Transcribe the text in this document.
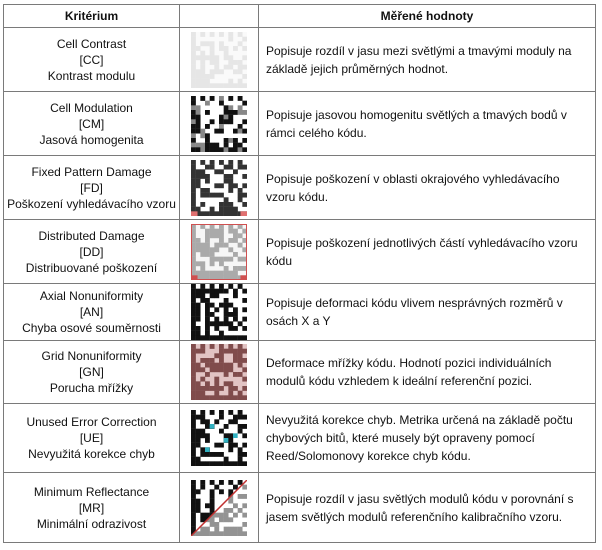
Kritérium		Měřené hodnoty

Cell Contrast
[CC]
Kontrast modulu		Popisuje rozdíl v jasu mezi světlými a tmavými moduly na základě jejich průměrných hodnot.

Cell Modulation
[CM]
Jasová homogenita		Popisuje jasovou homogenitu světlých a tmavých bodů v rámci celého kódu.

Fixed Pattern Damage
[FD]
Poškození vyhledávacího vzoru		Popisuje poškození v oblasti okrajového vyhledávacího vzoru kódu.

Distributed Damage
[DD]
Distribuované poškození		Popisuje poškození jednotlivých částí vyhledávacího vzoru kódu

Axial Nonuniformity
[AN]
Chyba osové souměrnosti		Popisuje deformaci kódu vlivem nesprávných rozměrů v osách X a Y

Grid Nonuniformity
[GN]
Porucha mřížky		Deformace mřížky kódu. Hodnotí pozici individuálních modulů kódu vzhledem k ideální referenční pozici.

Unused Error Correction
[UE]
Nevyužitá korekce chyb		Nevyužitá korekce chyb. Metrika určená na základě počtu chybových bitů, které musely být opraveny pomocí Reed/Solomonovy korekce chyb kódu.

Minimum Reflectance
[MR]
Minimální odrazivost		Popisuje rozdíl v jasu světlých modulů kódu v porovnání s jasem světlých modulů referenčního kalibračního vzoru.
